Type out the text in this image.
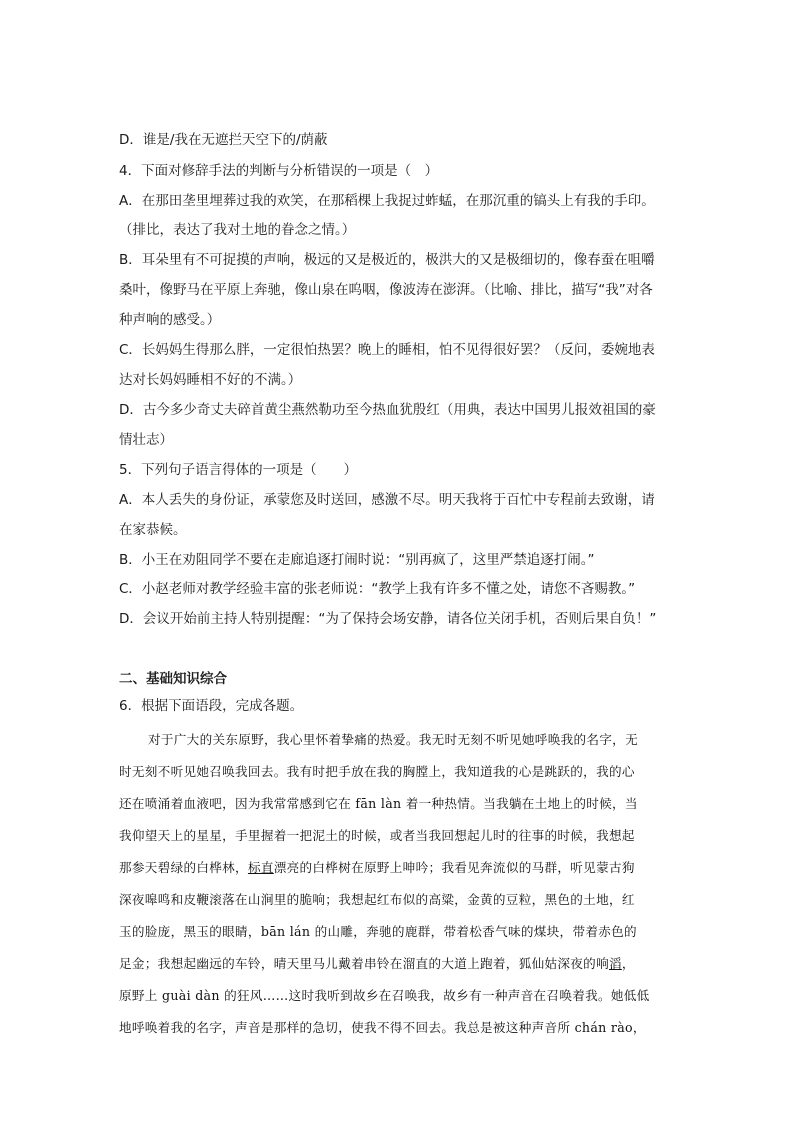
D．谁是/我在无遮拦天空下的/荫蔽
4．下面对修辞手法的判断与分析错误的一项是（　）
A．在那田垄里埋葬过我的欢笑，在那稻棵上我捉过蚱蜢，在那沉重的镐头上有我的手印。
（排比，表达了我对土地的眷念之情。）
B．耳朵里有不可捉摸的声响，极远的又是极近的，极洪大的又是极细切的，像春蚕在咀嚼
桑叶，像野马在平原上奔驰，像山泉在呜咽，像波涛在澎湃。（比喻、排比，描写“我”对各
种声响的感受。）
C．长妈妈生得那么胖，一定很怕热罢？晚上的睡相，怕不见得很好罢？（反问，委婉地表
达对长妈妈睡相不好的不满。）
D．古今多少奇丈夫碎首黄尘燕然勒功至今热血犹殷红（用典，表达中国男儿报效祖国的豪
情壮志）
5．下列句子语言得体的一项是（　　）
A．本人丢失的身份证，承蒙您及时送回，感激不尽。明天我将于百忙中专程前去致谢，请
在家恭候。
B．小王在劝阻同学不要在走廊追逐打闹时说：“别再疯了，这里严禁追逐打闹。”
C．小赵老师对教学经验丰富的张老师说：“教学上我有许多不懂之处，请您不吝赐教。”
D．会议开始前主持人特别提醒：“为了保持会场安静，请各位关闭手机，否则后果自负！”
二、基础知识综合
6．根据下面语段，完成各题。
对于广大的关东原野，我心里怀着挚痛的热爱。我无时无刻不听见她呼唤我的名字，无
时无刻不听见她召唤我回去。我有时把手放在我的胸膛上，我知道我的心是跳跃的，我的心
还在喷涌着血液吧，因为我常常感到它在 fān làn 着一种热情。当我躺在土地上的时候，当
我仰望天上的星星，手里握着一把泥土的时候，或者当我回想起儿时的往事的时候，我想起
那参天碧绿的白桦林，标直漂亮的白桦树在原野上呻吟；我看见奔流似的马群，听见蒙古狗
深夜嗥鸣和皮鞭滚落在山涧里的脆响；我想起红布似的高粱，金黄的豆粒，黑色的土地，红
玉的脸庞，黑玉的眼睛，bān lán 的山雕，奔驰的鹿群，带着松香气味的煤块，带着赤色的
足金；我想起幽远的车铃，晴天里马儿戴着串铃在溜直的大道上跑着，狐仙姑深夜的响滔，
原野上 guài dàn 的狂风……这时我听到故乡在召唤我，故乡有一种声音在召唤着我。她低低
地呼唤着我的名字，声音是那样的急切，使我不得不回去。我总是被这种声音所 chán rào，
